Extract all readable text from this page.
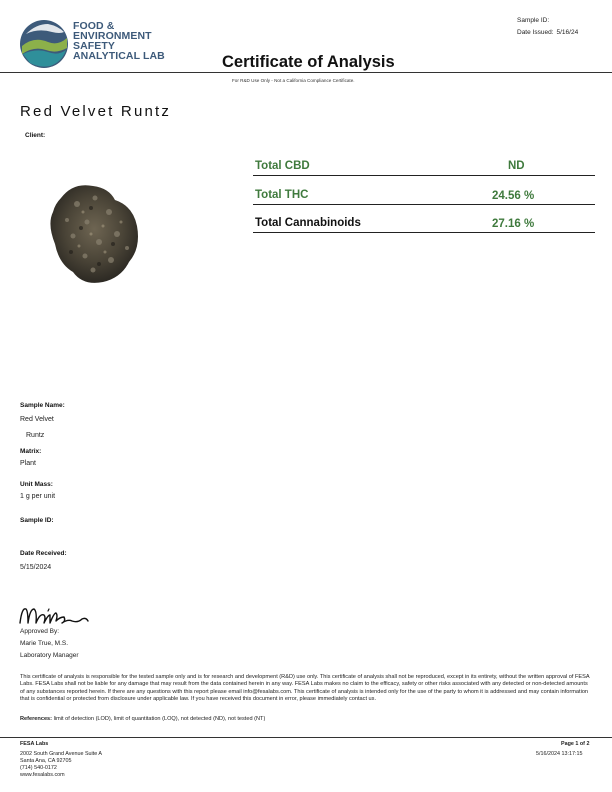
FOOD &
ENVIRONMENT
SAFETY
ANALYTICAL LAB
Sample ID:
Date Issued: 5/16/24
Certificate of Analysis
For R&D Use Only - Not a California Compliance Certificate.
Red Velvet Runtz
Client:
Total CBD	ND
Total THC	24.56 %
Total Cannabinoids	27.16 %
Sample Name:
Red Velvet
Runtz
Matrix:
Plant
Unit Mass:
1 g per unit
Sample ID:
Date Received:
5/15/2024
Approved By:
Marie True, M.S.
Laboratory Manager
This certificate of analysis is responsible for the tested sample only and is for research and development (R&D) use only. This certificate of analysis shall not be reproduced, except in its entirety, without the written approval of FESA Labs. FESA Labs shall not be liable for any damage that may result from the data contained herein in any way. FESA Labs makes no claim to the efficacy, safety or other risks associated with any detected or non-detected amounts of any substances reported herein. If there are any questions with this report please email info@fesalabs.com. This certificate of analysis is intended only for the use of the party to whom it is addressed and may contain information that is confidential or protected from disclosure under applicable law. If you have received this document in error, please immediately contact us.
References: limit of detection (LOD), limit of quantitation (LOQ), not detected (ND), not tested (NT)
FESA Labs
2002 South Grand Avenue Suite A
Santa Ana, CA 92705
(714) 540-0172
www.fesalabs.com
Page 1 of 2
5/16/2024 13:17:15
